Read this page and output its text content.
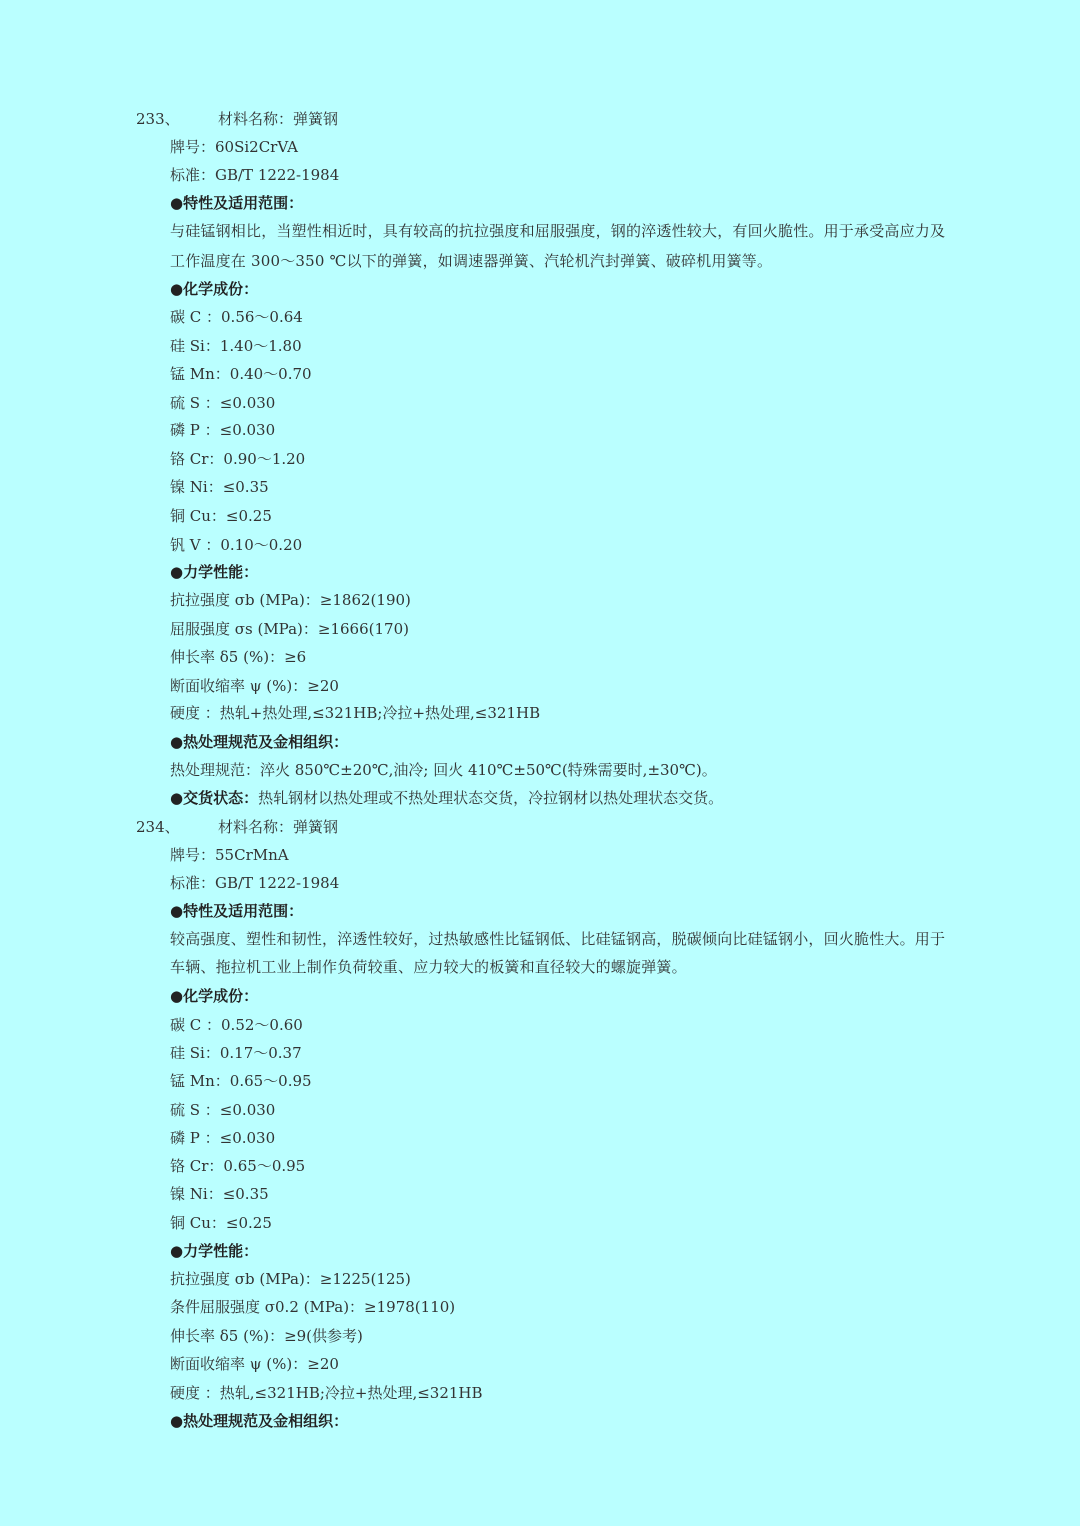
233、	材料名称：弹簧钢
牌号：60Si2CrVA
标准：GB/T 1222-1984
●特性及适用范围：
与硅锰钢相比，当塑性相近时，具有较高的抗拉强度和屈服强度，钢的淬透性较大，有回火脆性。用于承受高应力及
工作温度在 300～350 ℃以下的弹簧，如调速器弹簧、汽轮机汽封弹簧、破碎机用簧等。
●化学成份：
碳 C ：0.56～0.64
硅 Si：1.40～1.80
锰 Mn：0.40～0.70
硫 S ：≤0.030
磷 P ：≤0.030
铬 Cr：0.90～1.20
镍 Ni：≤0.35
铜 Cu：≤0.25
钒 V ：0.10～0.20
●力学性能：
抗拉强度 σb (MPa)：≥1862(190)
屈服强度 σs (MPa)：≥1666(170)
伸长率 δ5 (%)：≥6
断面收缩率 ψ (%)：≥20
硬度 ：热轧+热处理,≤321HB;冷拉+热处理,≤321HB
●热处理规范及金相组织：
热处理规范：淬火 850℃±20℃,油冷; 回火 410℃±50℃(特殊需要时,±30℃)。
●交货状态：热轧钢材以热处理或不热处理状态交货，冷拉钢材以热处理状态交货。
234、	材料名称：弹簧钢
牌号：55CrMnA
标准：GB/T 1222-1984
●特性及适用范围：
较高强度、塑性和韧性，淬透性较好，过热敏感性比锰钢低、比硅锰钢高，脱碳倾向比硅锰钢小，回火脆性大。用于
车辆、拖拉机工业上制作负荷较重、应力较大的板簧和直径较大的螺旋弹簧。
●化学成份：
碳 C ：0.52～0.60
硅 Si：0.17～0.37
锰 Mn：0.65～0.95
硫 S ：≤0.030
磷 P ：≤0.030
铬 Cr：0.65～0.95
镍 Ni：≤0.35
铜 Cu：≤0.25
●力学性能：
抗拉强度 σb (MPa)：≥1225(125)
条件屈服强度 σ0.2 (MPa)：≥1978(110)
伸长率 δ5 (%)：≥9(供参考)
断面收缩率 ψ (%)：≥20
硬度 ：热轧,≤321HB;冷拉+热处理,≤321HB
●热处理规范及金相组织：
